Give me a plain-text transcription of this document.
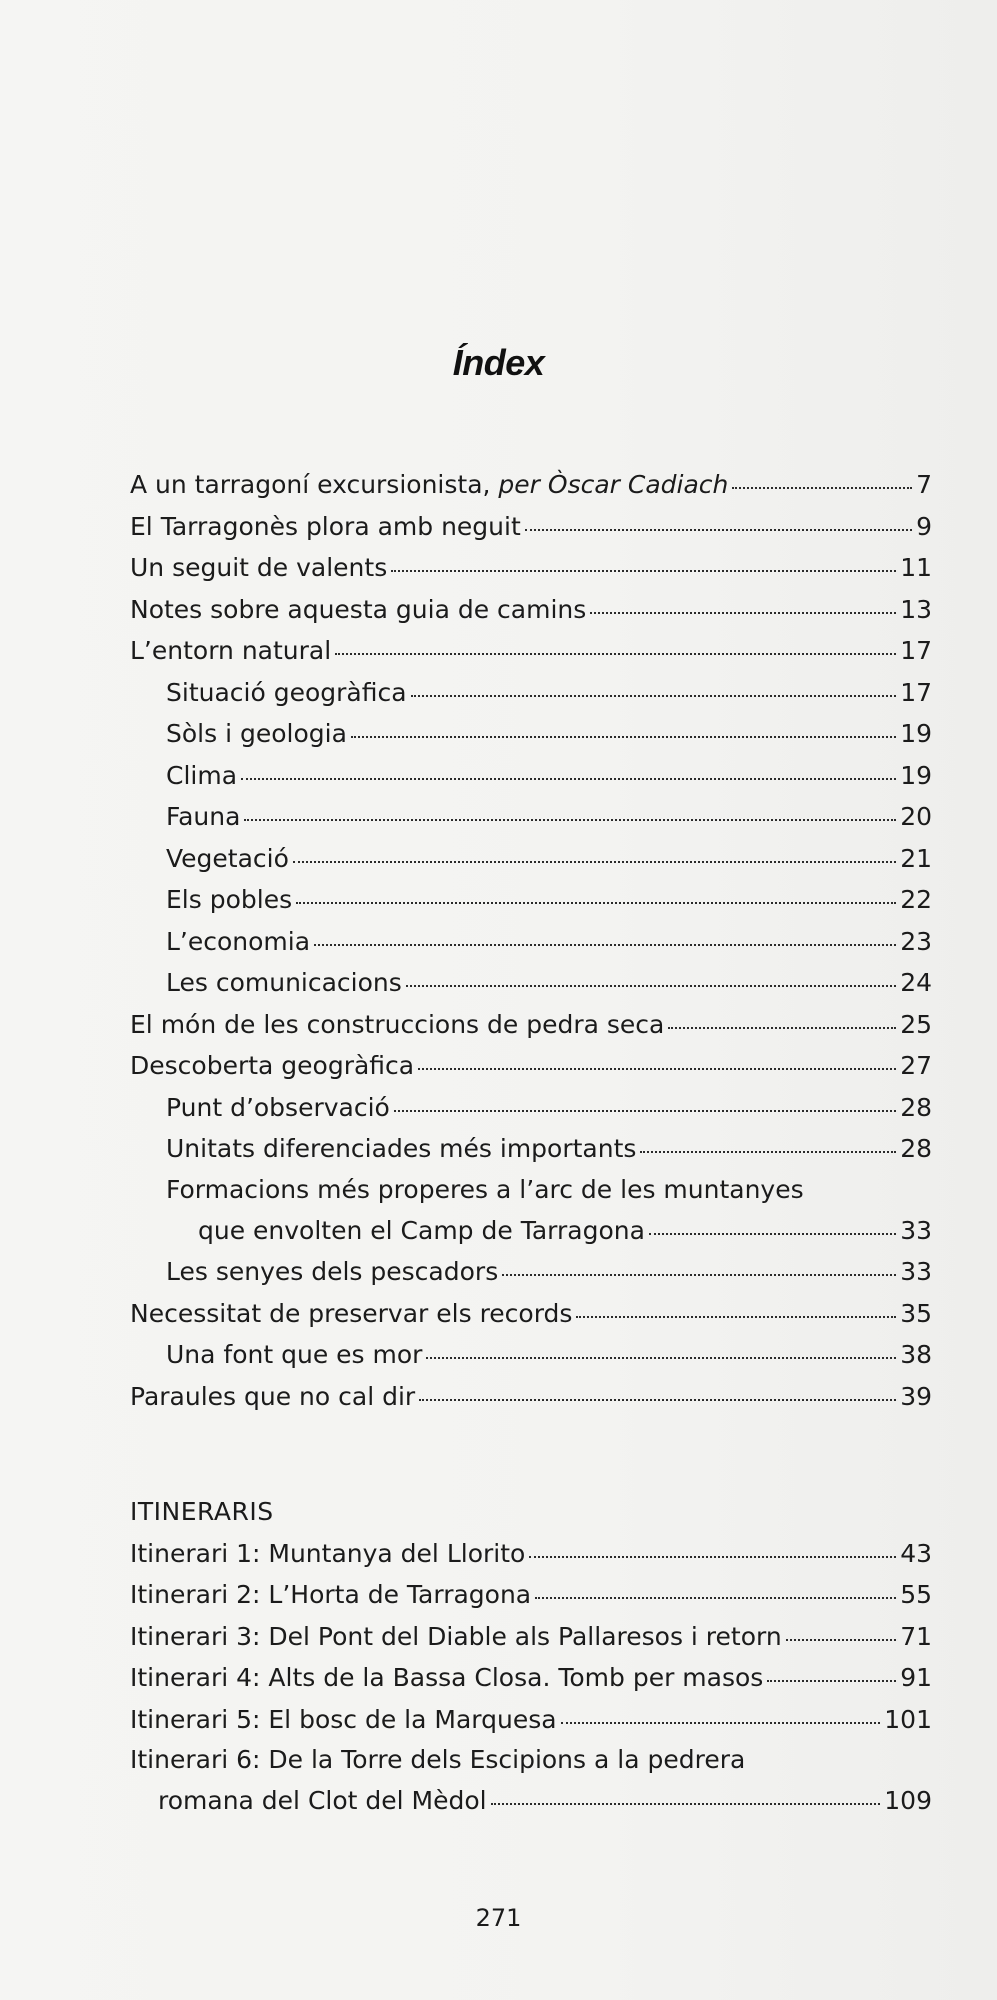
Índex
A un tarragoní excursionista, per Òscar Cadiach	7
El Tarragonès plora amb neguit	9
Un seguit de valents	11
Notes sobre aquesta guia de camins	13
L’entorn natural	17
Situació geogràfica	17
Sòls i geologia	19
Clima	19
Fauna	20
Vegetació	21
Els pobles	22
L’economia	23
Les comunicacions	24
El món de les construccions de pedra seca	25
Descoberta geogràfica	27
Punt d’observació	28
Unitats diferenciades més importants	28
Formacions més properes a l’arc de les muntanyes
que envolten el Camp de Tarragona	33
Les senyes dels pescadors	33
Necessitat de preservar els records	35
Una font que es mor	38
Paraules que no cal dir	39
ITINERARIS
Itinerari 1: Muntanya del Llorito	43
Itinerari 2: L’Horta de Tarragona	55
Itinerari 3: Del Pont del Diable als Pallaresos i retorn	71
Itinerari 4: Alts de la Bassa Closa. Tomb per masos	91
Itinerari 5: El bosc de la Marquesa	101
Itinerari 6: De la Torre dels Escipions a la pedrera
romana del Clot del Mèdol	109
271
